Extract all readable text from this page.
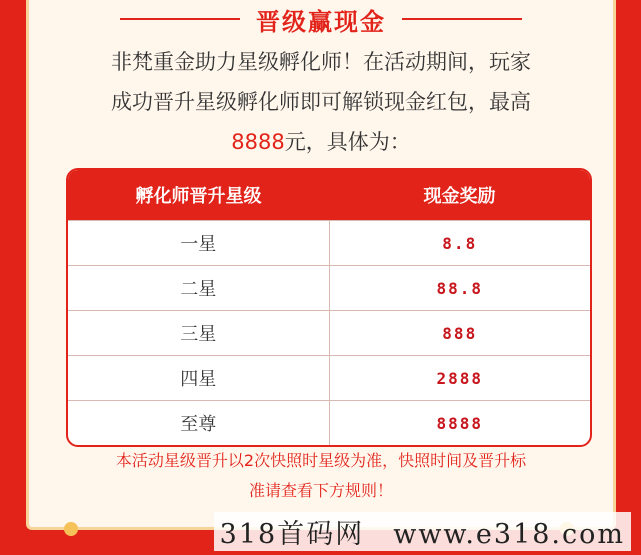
晋级赢现金
非梵重金助力星级孵化师！在活动期间，玩家
成功晋升星级孵化师即可解锁现金红包，最高
8888元，具体为：
孵化师晋升星级	现金奖励
一星	8.8
二星	88.8
三星	888
四星	2888
至尊	8888
本活动星级晋升以2次快照时星级为准，快照时间及晋升标
准请查看下方规则！
318首码网　www.e318.com
